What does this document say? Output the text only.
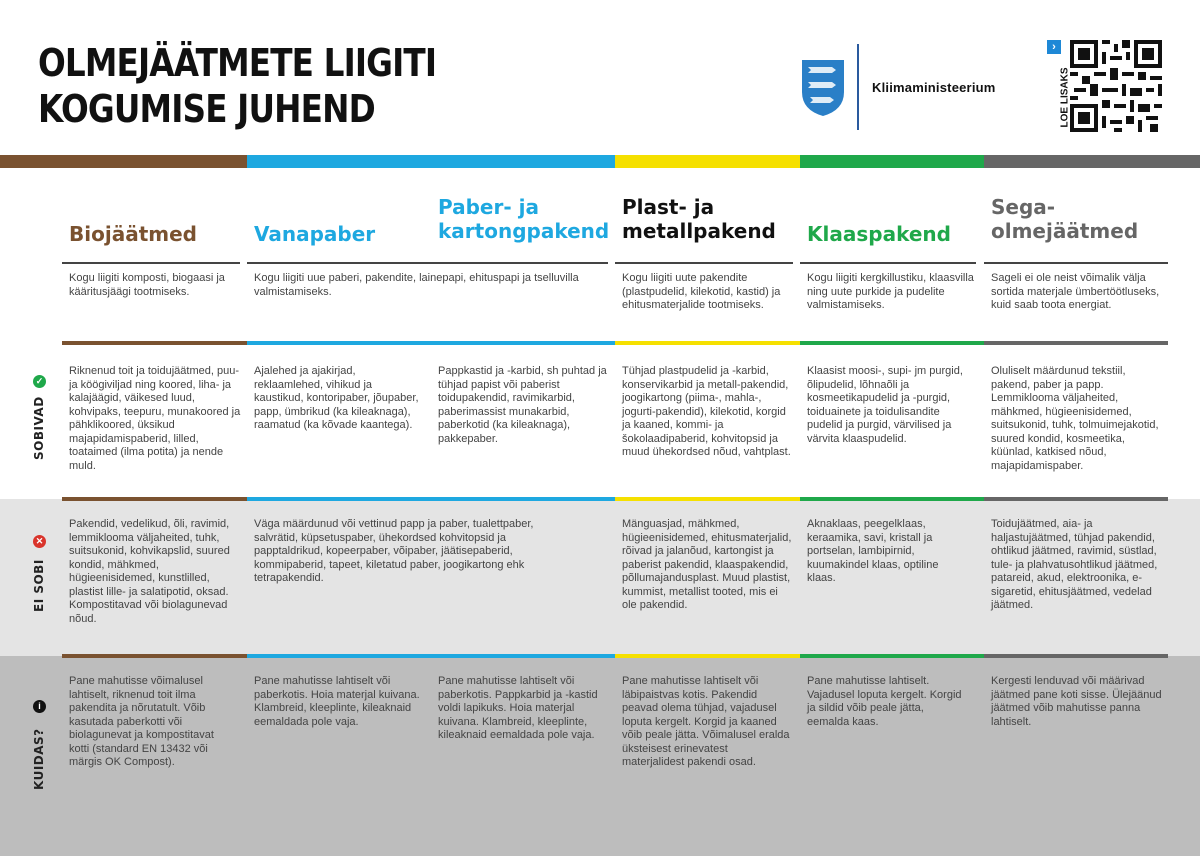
OLMEJÄÄTMETE LIIGITI
KOGUMISE JUHEND	Kliimaministeerium
›
LOE LISAKS
Biojäätmed	Vanapaber
Paber- ja
kartongpakend
Plast- ja
metallpakend Klaaspakend
Sega-
olmejäätmed
Kogu liigiti komposti, biogaasi ja kääritusjäägi tootmiseks.
Kogu liigiti uue paberi, pakendite, lainepapi, ehituspapi ja tselluvilla valmistamiseks.
Kogu liigiti uute pakendite (plastpudelid, kilekotid, kastid) ja ehitusmaterjalide tootmiseks.
Kogu liigiti kergkillustiku, klaasvilla ning uute purkide ja pudelite valmistamiseks.
Sageli ei ole neist võimalik välja sortida materjale ümbertöötluseks, kuid saab toota energiat.
✓
SOBIVAD
Riknenud toit ja toidujäätmed, puu- ja köögiviljad ning koored, liha- ja kalajäägid, väikesed luud, kohvipaks, teepuru, munakoored ja pähklikoored, üksikud majapidamispaberid, lilled, toataimed (ilma potita) ja nende muld.
Ajalehed ja ajakirjad, reklaamlehed, vihikud ja kaustikud, kontoripaber, jõupaber, papp, ümbrikud (ka kileaknaga), raamatud (ka kõvade kaantega).
Pappkastid ja -karbid, sh puhtad ja tühjad papist või paberist toidupakendid, ravimikarbid, paberimassist munakarbid, paberkotid (ka kileaknaga), pakkepaber.
Tühjad plastpudelid ja -karbid, konservikarbid ja metall-pakendid, joogikartong (piima-, mahla-, jogurti-pakendid), kilekotid, korgid ja kaaned, kommi- ja šokolaadipaberid, kohvitopsid ja muud ühekordsed nõud, vahtplast.
Klaasist moosi-, supi- jm purgid, õlipudelid, lõhnaõli ja kosmeetikapudelid ja -purgid, toiduainete ja toidulisandite pudelid ja purgid, värvilised ja värvita klaaspudelid.
Oluliselt määrdunud tekstiil, pakend, paber ja papp. Lemmiklooma väljaheited, mähkmed, hügieenisidemed, suitsukonid, tuhk, tolmuimejakotid, suured kondid, kosmeetika, küünlad, katkised nõud, majapidamispaber.
✕
EI SOBI
Pakendid, vedelikud, õli, ravimid, lemmiklooma väljaheited, tuhk, suitsukonid, kohvikapslid, suured kondid, mähkmed, hügieenisidemed, kunstlilled, plastist lille- ja salatipotid, oksad. Kompostitavad või biolagunevad nõud.
Väga määrdunud või vettinud papp ja paber, tualettpaber, salvrätid, küpsetuspaber, ühekordsed kohvitopsid ja papptaldrikud, kopeerpaber, võipaber, jäätisepaberid, kommipaberid, tapeet, kiletatud paber, joogikartong ehk tetrapakendid.
Mänguasjad, mähkmed, hügieenisidemed, ehitusmaterjalid, rõivad ja jalanõud, kartongist ja paberist pakendid, klaaspakendid, põllumajandusplast. Muud plastist, kummist, metallist tooted, mis ei ole pakendid.
Aknaklaas, peegelklaas, keraamika, savi, kristall ja portselan, lambipirnid, kuumakindel klaas, optiline klaas.
Toidujäätmed, aia- ja haljastujäätmed, tühjad pakendid, ohtlikud jäätmed, ravimid, süstlad, tule- ja plahvatusohtlikud jäätmed, patareid, akud, elektroonika, e-sigaretid, ehitusjäätmed, vedelad jäätmed.
i
KUIDAS?
Pane mahutisse võimalusel lahtiselt, riknenud toit ilma pakendita ja nõrutatult. Võib kasutada paberkotti või biolagunevat ja kompostitavat kotti (standard EN 13432 või märgis OK Compost).
Pane mahutisse lahtiselt või paberkotis. Hoia materjal kuivana. Klambreid, kleeplinte, kileaknaid eemaldada pole vaja.
Pane mahutisse lahtiselt või paberkotis. Pappkarbid ja -kastid voldi lapikuks. Hoia materjal kuivana. Klambreid, kleeplinte, kileaknaid eemaldada pole vaja.
Pane mahutisse lahtiselt või läbipaistvas kotis. Pakendid peavad olema tühjad, vajadusel loputa kergelt. Korgid ja kaaned võib peale jätta. Võimalusel eralda üksteisest erinevatest materjalidest pakendi osad.
Pane mahutisse lahtiselt. Vajadusel loputa kergelt. Korgid ja sildid võib peale jätta, eemalda kaas.
Kergesti lenduvad või määrivad jäätmed pane koti sisse. Ülejäänud jäätmed võib mahutisse panna lahtiselt.
